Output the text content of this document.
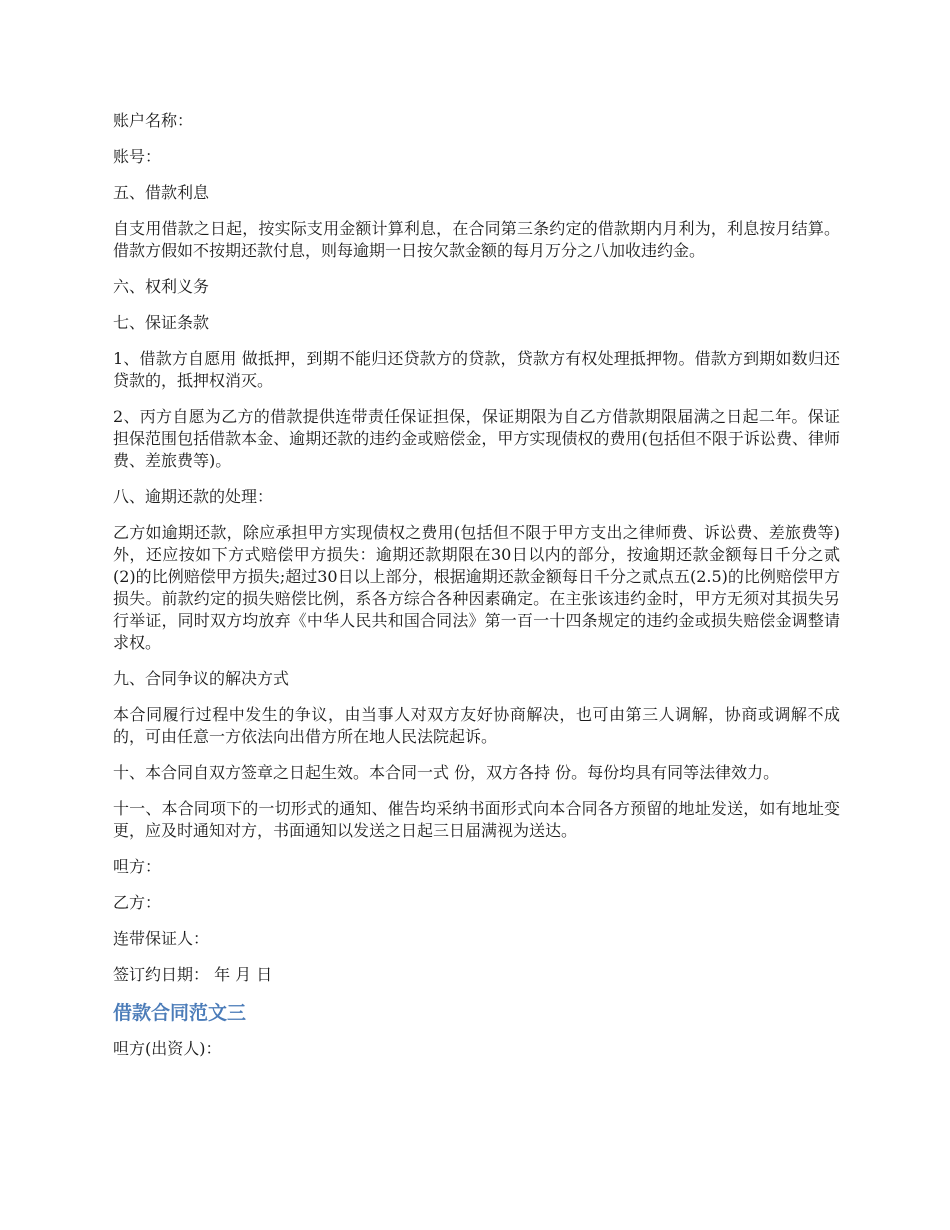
账户名称：

账号：

五、借款利息

自支用借款之日起，按实际支用金额计算利息，在合同第三条约定的借款期内月利为，利息按月结算。借款方假如不按期还款付息，则每逾期一日按欠款金额的每月万分之八加收违约金。

六、权利义务

七、保证条款

1、借款方自愿用 做抵押，到期不能归还贷款方的贷款，贷款方有权处理抵押物。借款方到期如数归还贷款的，抵押权消灭。

2、丙方自愿为乙方的借款提供连带责任保证担保，保证期限为自乙方借款期限届满之日起二年。保证担保范围包括借款本金、逾期还款的违约金或赔偿金，甲方实现债权的费用(包括但不限于诉讼费、律师费、差旅费等)。

八、逾期还款的处理：

乙方如逾期还款，除应承担甲方实现债权之费用(包括但不限于甲方支出之律师费、诉讼费、差旅费等)外，还应按如下方式赔偿甲方损失：逾期还款期限在30日以内的部分，按逾期还款金额每日千分之贰(2)的比例赔偿甲方损失;超过30日以上部分，根据逾期还款金额每日千分之贰点五(2.5)的比例赔偿甲方损失。前款约定的损失赔偿比例，系各方综合各种因素确定。在主张该违约金时，甲方无须对其损失另行举证，同时双方均放弃《中华人民共和国合同法》第一百一十四条规定的违约金或损失赔偿金调整请求权。

九、合同争议的解决方式

本合同履行过程中发生的争议，由当事人对双方友好协商解决，也可由第三人调解，协商或调解不成的，可由任意一方依法向出借方所在地人民法院起诉。

十、本合同自双方签章之日起生效。本合同一式 份，双方各持 份。每份均具有同等法律效力。

十一、本合同项下的一切形式的通知、催告均采纳书面形式向本合同各方预留的地址发送，如有地址变更，应及时通知对方，书面通知以发送之日起三日届满视为送达。

呾方：

乙方：

连带保证人：

签订约日期： 年 月 日

借款合同范文三

呾方(出资人)：
